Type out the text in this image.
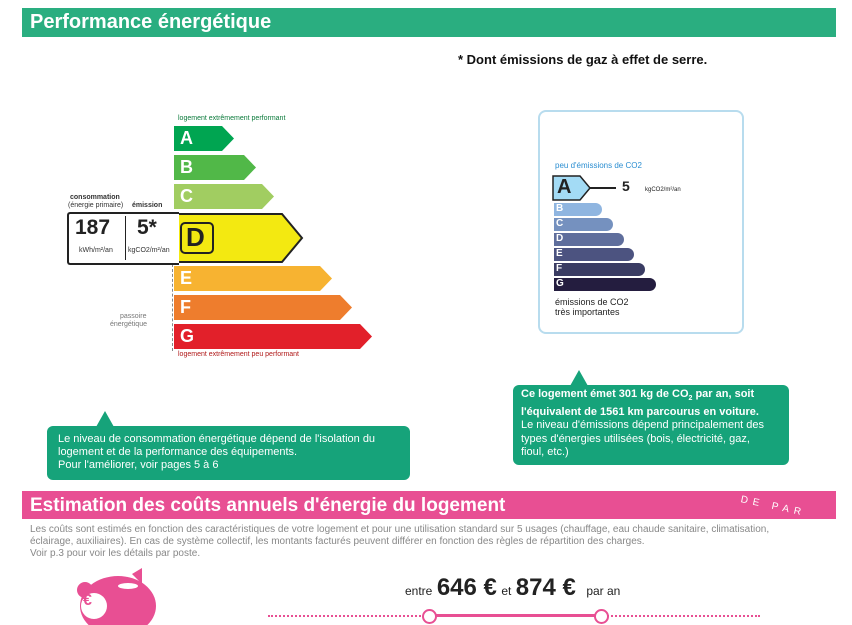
Performance énergétique
* Dont émissions de gaz à effet de serre.
logement extrêmement performant
A
B
C
D
E
F
G
logement extrêmement peu performant
consommation
(énergie primaire) émission
187 5*
kWh/m²/an kgCO2/m²/an
passoire
énergétique
peu d'émissions de CO2
A	5	kgCO2/m²/an
B
C
D
E
F
G
émissions de CO2
très importantes
Le niveau de consommation énergétique dépend de l'isolation du
logement et de la performance des équipements.
Pour l'améliorer, voir pages 5 à 6
Ce logement émet 301 kg de $CO_2$ par an, soit
l'équivalent de 1561 km parcourus en voiture.
Le niveau d'émissions dépend principalement des
types d'énergies utilisées (bois, électricité, gaz,
fioul, etc.)
Estimation des coûts annuels d'énergie du logement	DE PAR
Les coûts sont estimés en fonction des caractéristiques de votre logement et pour une utilisation standard sur 5 usages (chauffage, eau chaude sanitaire, climatisation,
éclairage, auxiliaires). En cas de système collectif, les montants facturés peuvent différer en fonction des règles de répartition des charges.
Voir p.3 pour voir les détails par poste.
€
entre 646 € et 874 € par an
